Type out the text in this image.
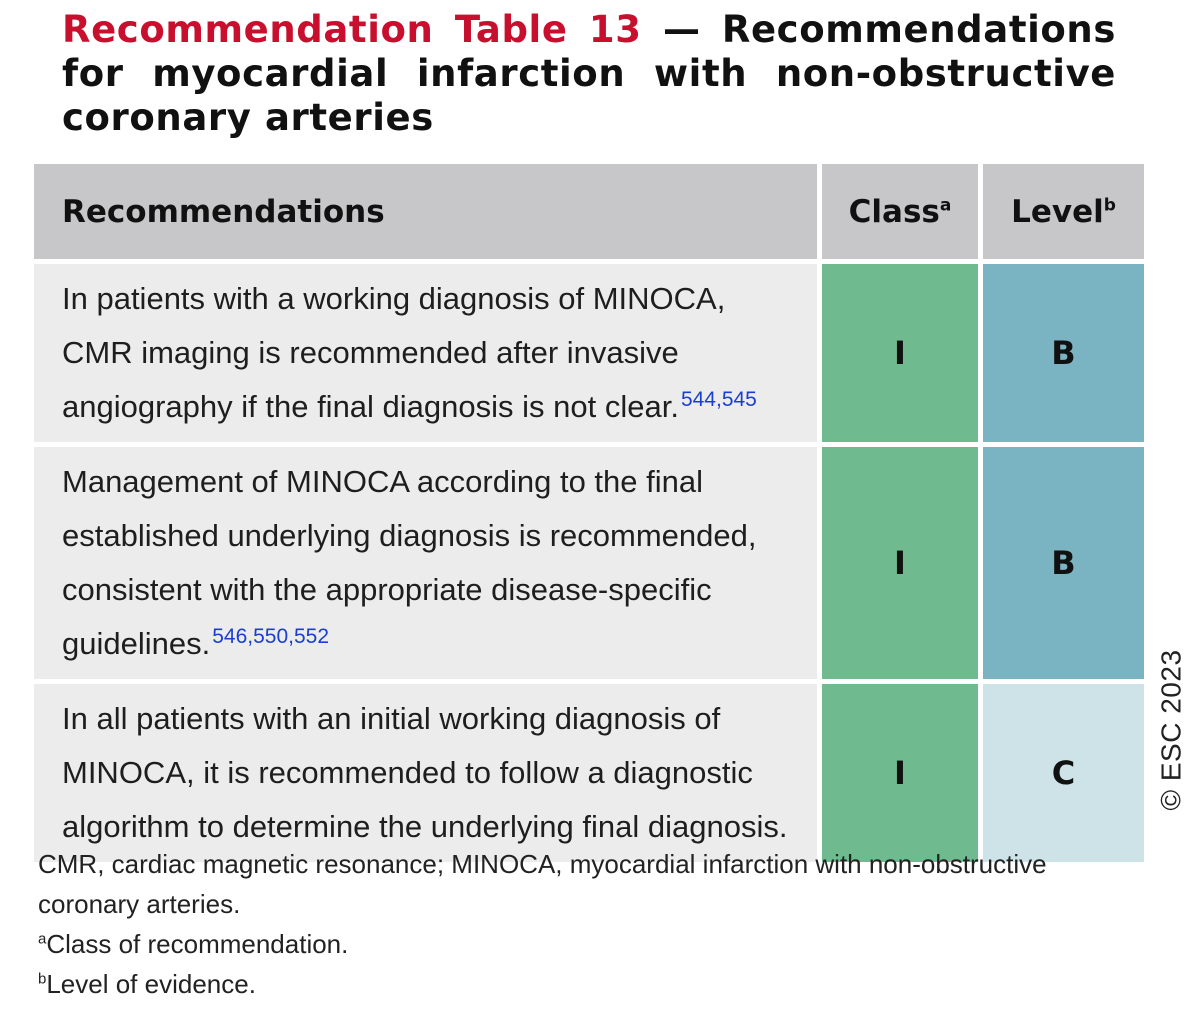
Recommendation Table 13 — Recommendations for myocardial infarction with non-obstructive coronary arteries
Recommendations	Class$^a$	Level$^b$
In patients with a working diagnosis of MINOCA, CMR imaging is recommended after invasive angiography if the final diagnosis is not clear.$^{544,545}$	I	B
Management of MINOCA according to the final established underlying diagnosis is recommended, consistent with the appropriate disease-specific guidelines.$^{546,550,552}$	I	B
In all patients with an initial working diagnosis of MINOCA, it is recommended to follow a diagnostic algorithm to determine the underlying final diagnosis.	I	C	© ESC 2023

CMR, cardiac magnetic resonance; MINOCA, myocardial infarction with non-obstructive coronary arteries.

$^a$Class of recommendation.

$^b$Level of evidence.
